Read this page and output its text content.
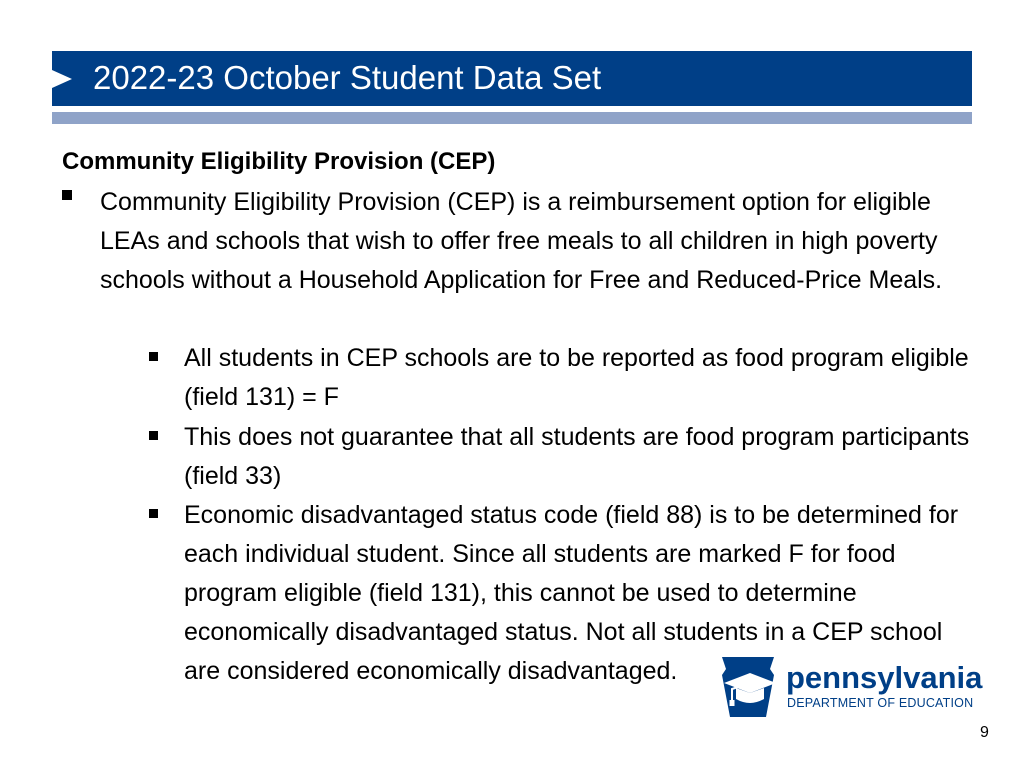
2022-23 October Student Data Set
Community Eligibility Provision (CEP)
Community Eligibility Provision (CEP) is a reimbursement option for eligible LEAs and schools that wish to offer free meals to all children in high poverty schools without a Household Application for Free and Reduced-Price Meals.
All students in CEP schools are to be reported as food program eligible (field 131) = F
This does not guarantee that all students are food program participants (field 33)
Economic disadvantaged status code (field 88) is to be determined for each individual student. Since all students are marked F for food program eligible (field 131), this cannot be used to determine economically disadvantaged status. Not all students in a CEP school are considered economically disadvantaged.	pennsylvania
DEPARTMENT OF EDUCATION
9
